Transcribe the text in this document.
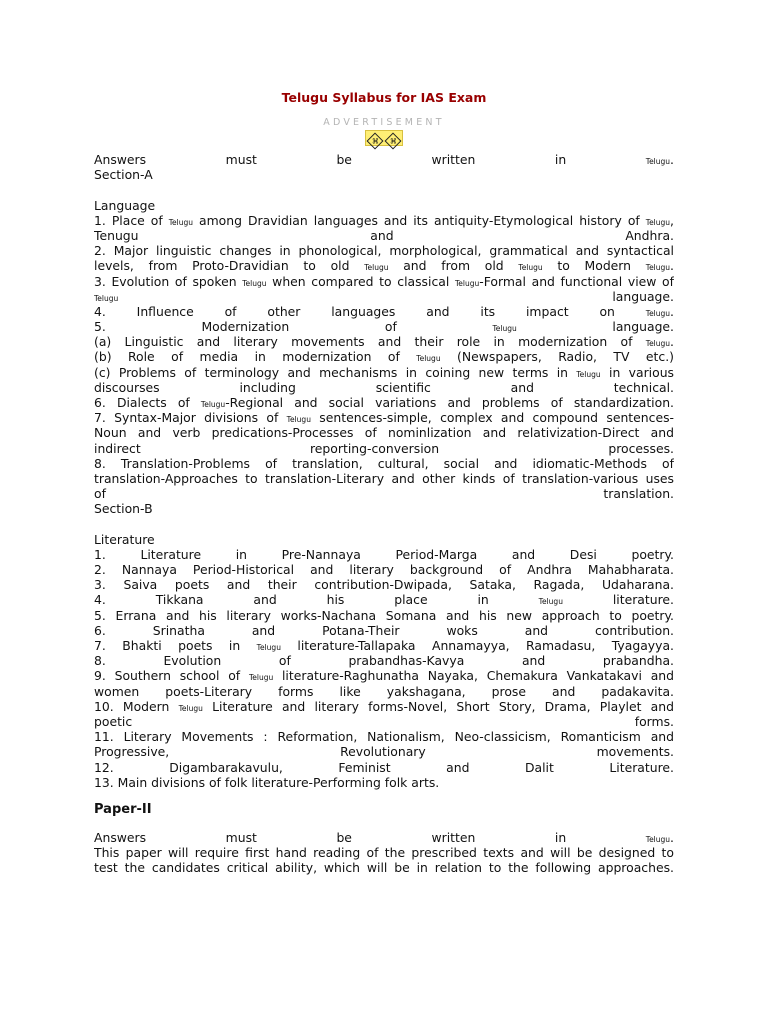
Telugu Syllabus for IAS Exam
ADVERTISEMENT
⌘ ⌘
Answers must be written in Telugu.
Section-A
Language
1. Place of Telugu among Dravidian languages and its antiquity-Etymological history of Telugu,
Tenugu and Andhra.
2. Major linguistic changes in phonological, morphological, grammatical and syntactical
levels, from Proto-Dravidian to old Telugu and from old Telugu to Modern Telugu.
3. Evolution of spoken Telugu when compared to classical Telugu-Formal and functional view of
Telugu language.
4. Influence of other languages and its impact on Telugu.
5. Modernization of Telugu language.
(a) Linguistic and literary movements and their role in modernization of Telugu.
(b) Role of media in modernization of Telugu (Newspapers, Radio, TV etc.)
(c) Problems of terminology and mechanisms in coining new terms in Telugu in various
discourses including scientific and technical.
6. Dialects of Telugu-Regional and social variations and problems of standardization.
7. Syntax-Major divisions of Telugu sentences-simple, complex and compound sentences-
Noun and verb predications-Processes of nominlization and relativization-Direct and
indirect reporting-conversion processes.
8. Translation-Problems of translation, cultural, social and idiomatic-Methods of
translation-Approaches to translation-Literary and other kinds of translation-various uses
of translation.
Section-B
Literature
1. Literature in Pre-Nannaya Period-Marga and Desi poetry.
2. Nannaya Period-Historical and literary background of Andhra Mahabharata.
3. Saiva poets and their contribution-Dwipada, Sataka, Ragada, Udaharana.
4. Tikkana and his place in Telugu literature.
5. Errana and his literary works-Nachana Somana and his new approach to poetry.
6. Srinatha and Potana-Their woks and contribution.
7. Bhakti poets in Telugu literature-Tallapaka Annamayya, Ramadasu, Tyagayya.
8. Evolution of prabandhas-Kavya and prabandha.
9. Southern school of Telugu literature-Raghunatha Nayaka, Chemakura Vankatakavi and
women poets-Literary forms like yakshagana, prose and padakavita.
10. Modern Telugu Literature and literary forms-Novel, Short Story, Drama, Playlet and
poetic forms.
11. Literary Movements : Reformation, Nationalism, Neo-classicism, Romanticism and
Progressive, Revolutionary movements.
12. Digambarakavulu, Feminist and Dalit Literature.
13. Main divisions of folk literature-Performing folk arts.
Paper-II
Answers must be written in Telugu.
This paper will require first hand reading of the prescribed texts and will be designed to
test the candidates critical ability, which will be in relation to the following approaches.
